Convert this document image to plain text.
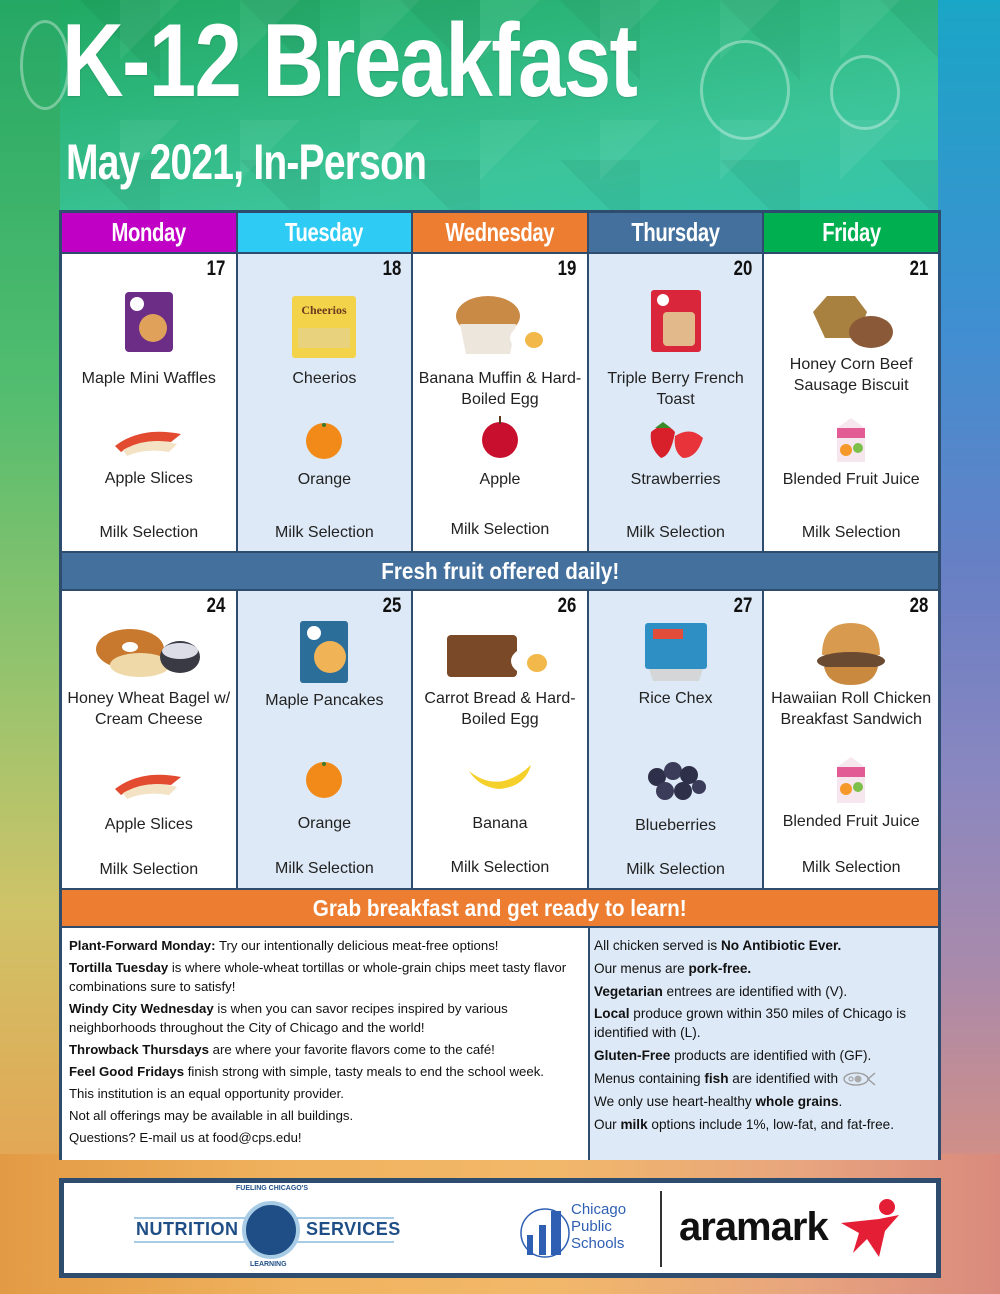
K-12 Breakfast
May 2021, In-Person
Monday	Tuesday	Wednesday	Thursday	Friday
17
Maple Mini Waffles
Apple Slices
Milk Selection
18
Cheerios
Cheerios
Orange
Milk Selection
19
Banana Muffin & Hard-Boiled Egg
Apple
Milk Selection
20
Triple Berry French Toast
Strawberries
Milk Selection
21
Honey Corn Beef Sausage Biscuit
Blended Fruit Juice
Milk Selection
Fresh fruit offered daily!
24
Honey Wheat Bagel w/ Cream Cheese
Apple Slices
Milk Selection
25
Maple Pancakes
Orange
Milk Selection
26
Carrot Bread & Hard-Boiled Egg
Banana
Milk Selection
27
Rice Chex
Blueberries
Milk Selection
28
Hawaiian Roll Chicken Breakfast Sandwich
Blended Fruit Juice
Milk Selection
Grab breakfast and get ready to learn!

Plant-Forward Monday: Try our intentionally delicious meat-free options!

Tortilla Tuesday is where whole-wheat tortillas or whole-grain chips meet tasty flavor combinations sure to satisfy!

Windy City Wednesday is when you can savor recipes inspired by various neighborhoods throughout the City of Chicago and the world!

Throwback Thursdays are where your favorite flavors come to the café!

Feel Good Fridays finish strong with simple, tasty meals to end the school week.

This institution is an equal opportunity provider.

Not all offerings may be available in all buildings.

Questions? E-mail us at food@cps.edu!

All chicken served is No Antibiotic Ever.

Our menus are pork-free.

Vegetarian entrees are identified with (V).

Local produce grown within 350 miles of Chicago is identified with (L).

Gluten-Free products are identified with (GF).

Menus containing fish are identified with

We only use heart-healthy whole grains.

Our milk options include 1%, low-fat, and fat-free.

NUTRITION	SERVICES
FUELING CHICAGO'S
LEARNING
Chicago
Public
Schools aramark
